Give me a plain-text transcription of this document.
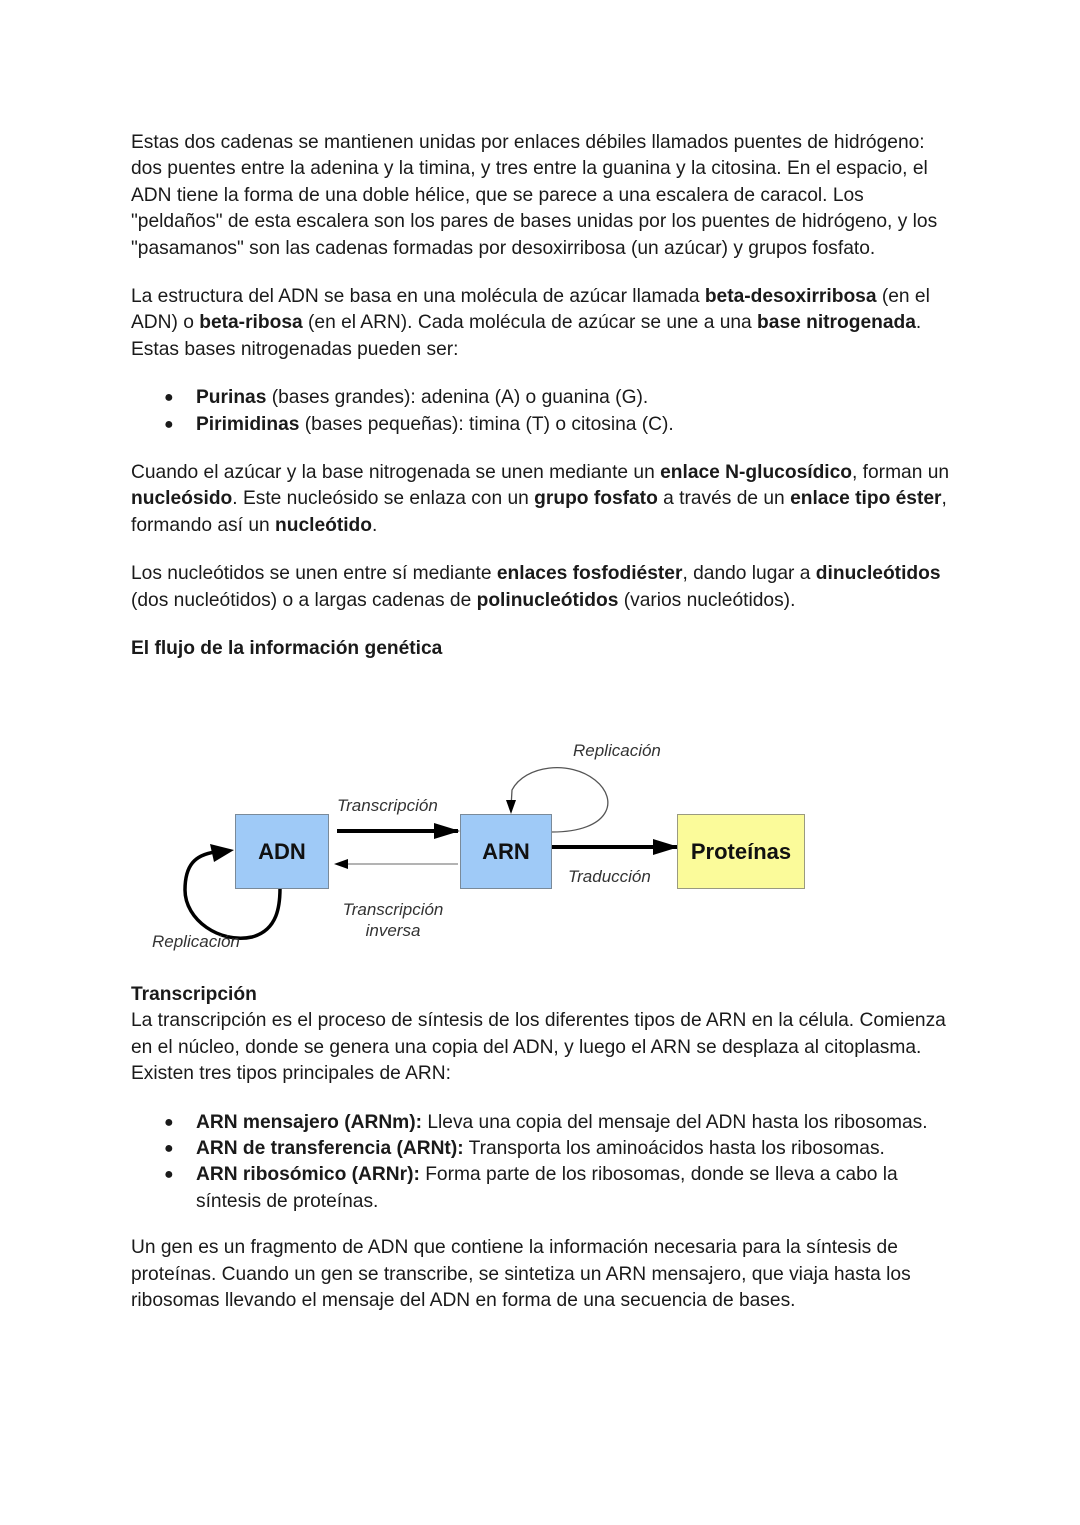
Estas dos cadenas se mantienen unidas por enlaces débiles llamados puentes de hidrógeno: dos puentes entre la adenina y la timina, y tres entre la guanina y la citosina. En el espacio, el ADN tiene la forma de una doble hélice, que se parece a una escalera de caracol. Los "peldaños" de esta escalera son los pares de bases unidas por los puentes de hidrógeno, y los "pasamanos" son las cadenas formadas por desoxirribosa (un azúcar) y grupos fosfato.

La estructura del ADN se basa en una molécula de azúcar llamada beta-desoxirribosa (en el ADN) o beta-ribosa (en el ARN). Cada molécula de azúcar se une a una base nitrogenada. Estas bases nitrogenadas pueden ser:

● Purinas (bases grandes): adenina (A) o guanina (G).
● Pirimidinas (bases pequeñas): timina (T) o citosina (C).

Cuando el azúcar y la base nitrogenada se unen mediante un enlace N-glucosídico, forman un nucleósido. Este nucleósido se enlaza con un grupo fosfato a través de un enlace tipo éster, formando así un nucleótido.

Los nucleótidos se unen entre sí mediante enlaces fosfodiéster, dando lugar a dinucleótidos (dos nucleótidos) o a largas cadenas de polinucleótidos (varios nucleótidos).

El flujo de la información genética
ADN	ARN	Proteínas
Replicación
Transcripción
Traducción
Transcripción
inversa
Replicación
Transcripción

La transcripción es el proceso de síntesis de los diferentes tipos de ARN en la célula. Comienza en el núcleo, donde se genera una copia del ADN, y luego el ARN se desplaza al citoplasma. Existen tres tipos principales de ARN:

● ARN mensajero (ARNm): Lleva una copia del mensaje del ADN hasta los ribosomas.
● ARN de transferencia (ARNt): Transporta los aminoácidos hasta los ribosomas.
● ARN ribosómico (ARNr): Forma parte de los ribosomas, donde se lleva a cabo la síntesis de proteínas.

Un gen es un fragmento de ADN que contiene la información necesaria para la síntesis de proteínas. Cuando un gen se transcribe, se sintetiza un ARN mensajero, que viaja hasta los ribosomas llevando el mensaje del ADN en forma de una secuencia de bases.
